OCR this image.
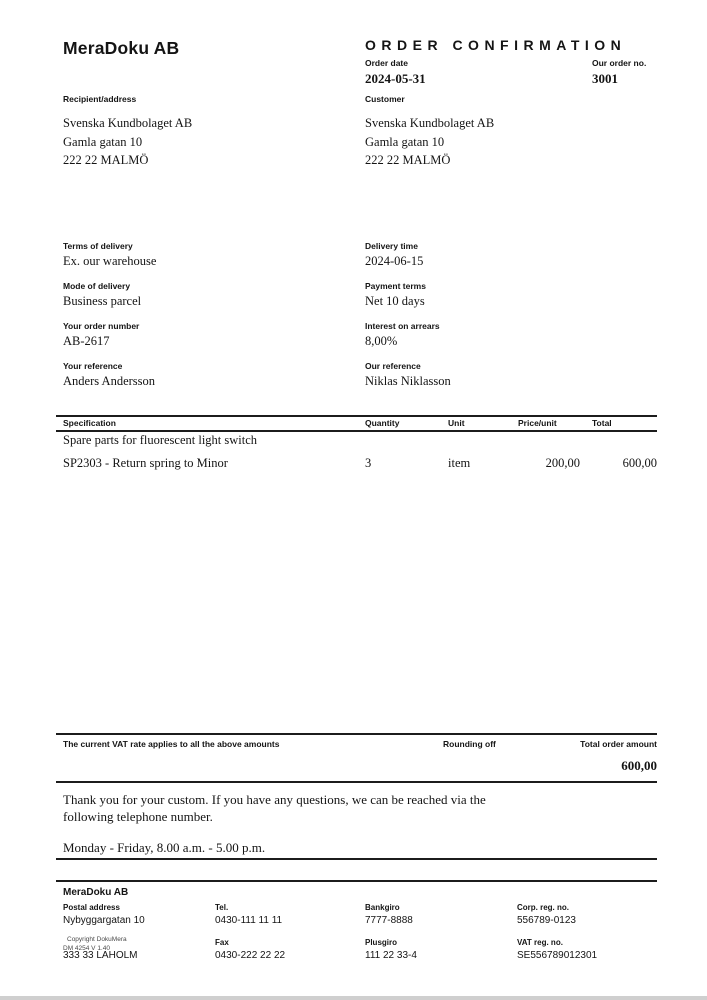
MeraDoku AB	ORDER CONFIRMATION
Order date	Our order no.
2024-05-31	3001
Recipient/address	Customer
Svenska Kundbolaget AB
Gamla gatan 10
222 22 MALMÖ
Svenska Kundbolaget AB
Gamla gatan 10
222 22 MALMÖ
Terms of delivery
Ex. our warehouse
Delivery time
2024-06-15
Mode of delivery
Business parcel
Payment terms
Net 10 days
Your order number
AB-2617
Interest on arrears
8,00%
Your reference
Anders Andersson
Our reference
Niklas Niklasson
Specification	Quantity	Unit	Price/unit	Total
Spare parts for fluorescent light switch
SP2303 - Return spring to Minor	3	item	200,00	600,00
The current VAT rate applies to all the above amounts	Rounding off	Total order amount
600,00
Thank you for your custom. If you have any questions, we can be reached via the following telephone number.
Monday - Friday, 8.00 a.m. - 5.00 p.m.
MeraDoku AB
Postal address
Nybyggargatan 10
333 33 LAHOLM
Copyright DokuMera
DM 4254 V 1.40
Tel.
0430-111 11 11
Fax
0430-222 22 22
Bankgiro
7777-8888
Plusgiro
111 22 33-4
Corp. reg. no.
556789-0123
VAT reg. no.
SE556789012301
